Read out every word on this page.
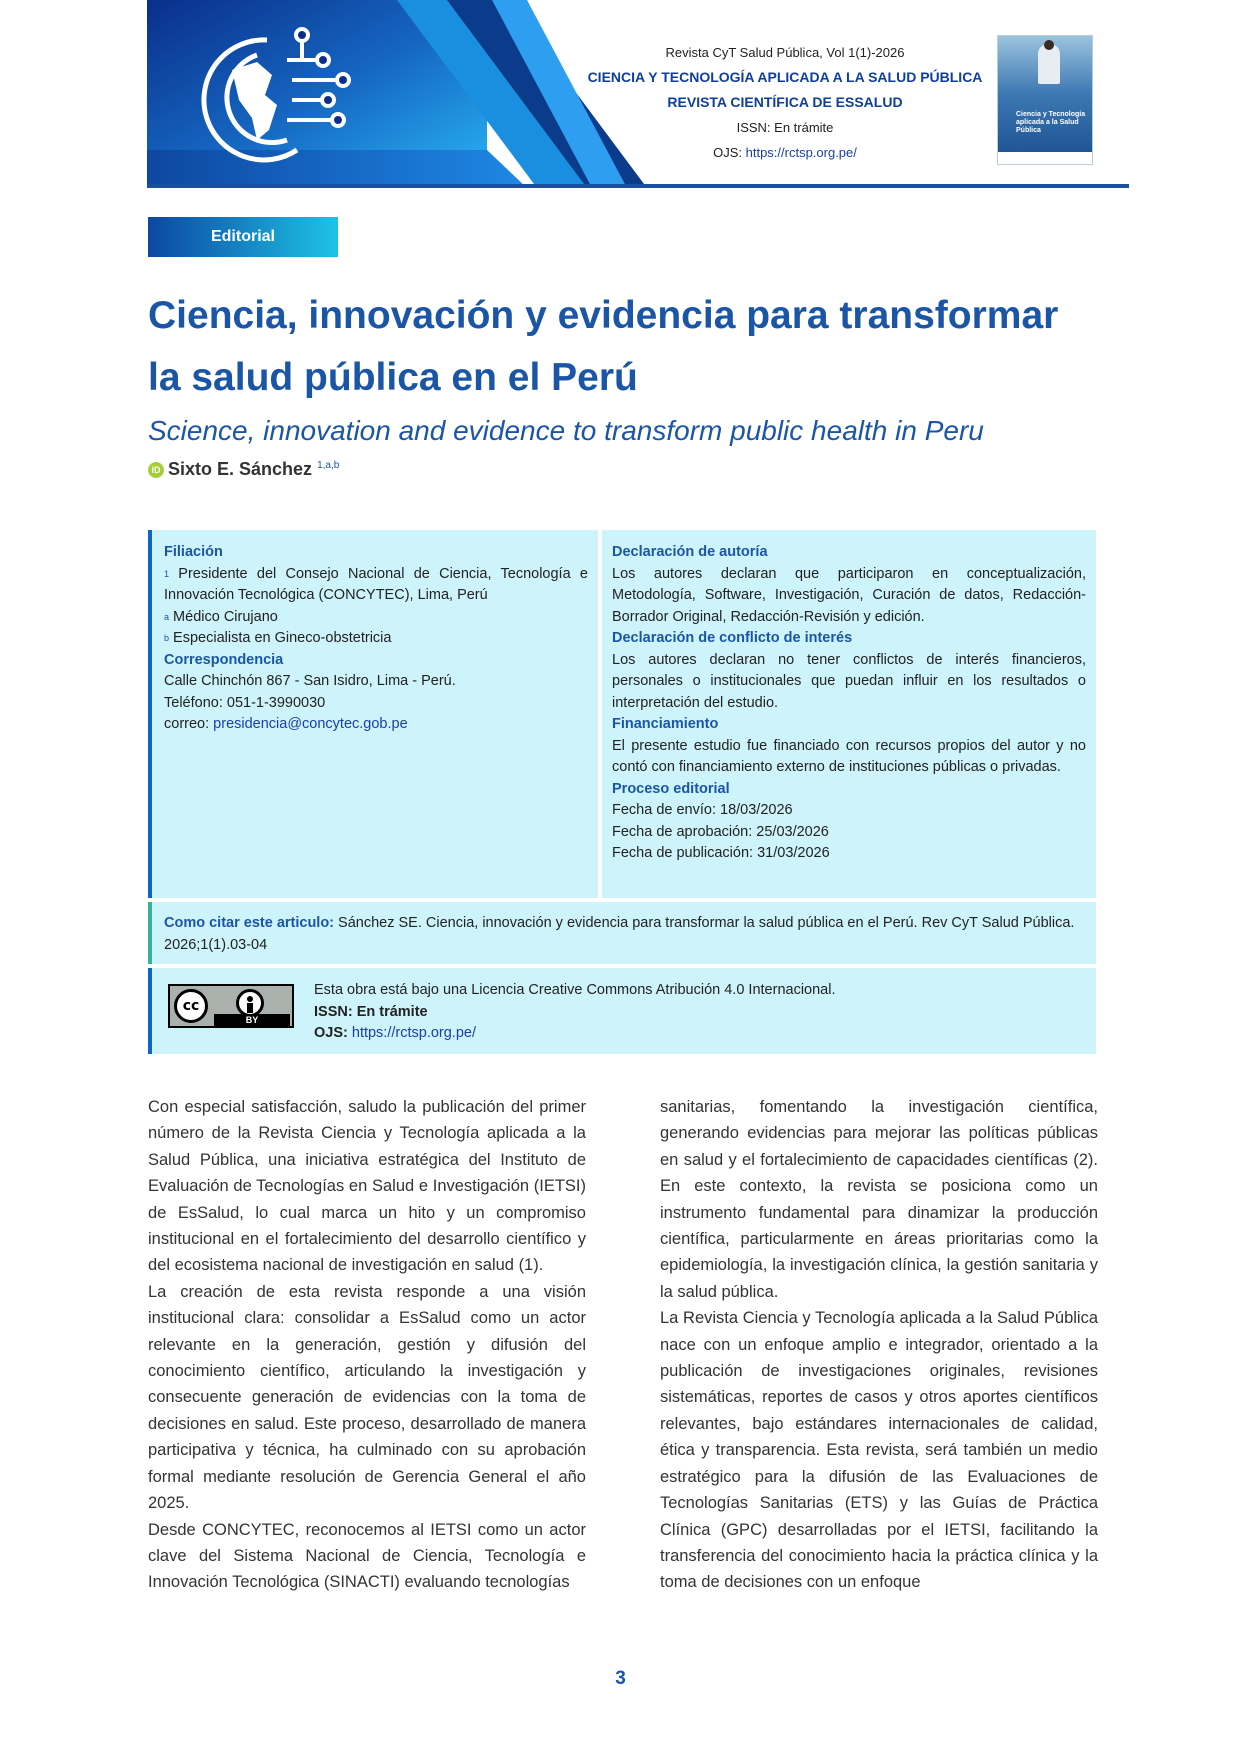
Revista CyT Salud Pública, Vol 1(1)-2026
CIENCIA Y TECNOLOGÍA APLICADA A LA SALUD PÚBLICA
REVISTA CIENTÍFICA DE ESSALUD
ISSN: En trámite
OJS: https://rctsp.org.pe/
Ciencia y Tecnología aplicada a la Salud Pública
Editorial
Ciencia, innovación y evidencia para transformar la salud pública en el Perú

Science, innovation and evidence to transform public health in Peru

iD Sixto E. Sánchez $^{1,a,b}$
Filiación
$^1$ Presidente del Consejo Nacional de Ciencia, Tecnología e Innovación Tecnológica (CONCYTEC), Lima, Perú
$^a$ Médico Cirujano
$^b$ Especialista en Gineco-obstetricia
Correspondencia
Calle Chinchón 867 - San Isidro, Lima - Perú.
Teléfono: 051-1-3990030
correo: presidencia@concytec.gob.pe
Declaración de autoría
Los autores declaran que participaron en conceptualización, Metodología, Software, Investigación, Curación de datos, Redacción-Borrador Original, Redacción-Revisión y edición.
Declaración de conflicto de interés
Los autores declaran no tener conflictos de interés financieros, personales o institucionales que puedan influir en los resultados o interpretación del estudio.
Financiamiento
El presente estudio fue financiado con recursos propios del autor y no contó con financiamiento externo de instituciones públicas o privadas.
Proceso editorial
Fecha de envío: 18/03/2026
Fecha de aprobación: 25/03/2026
Fecha de publicación: 31/03/2026
Como citar este articulo: Sánchez SE. Ciencia, innovación y evidencia para transformar la salud pública en el Perú. Rev CyT Salud Pública. 2026;1(1).03-04
cc
BY
Esta obra está bajo una Licencia Creative Commons Atribución 4.0 Internacional.
ISSN: En trámite
OJS: https://rctsp.org.pe/

Con especial satisfacción, saludo la publicación del primer número de la Revista Ciencia y Tecnología aplicada a la Salud Pública, una iniciativa estratégica del Instituto de Evaluación de Tecnologías en Salud e Investigación (IETSI) de EsSalud, lo cual marca un hito y un compromiso institucional en el fortalecimiento del desarrollo científico y del ecosistema nacional de investigación en salud (1).

La creación de esta revista responde a una visión institucional clara: consolidar a EsSalud como un actor relevante en la generación, gestión y difusión del conocimiento científico, articulando la investigación y consecuente generación de evidencias con la toma de decisiones en salud. Este proceso, desarrollado de manera participativa y técnica, ha culminado con su aprobación formal mediante resolución de Gerencia General el año 2025.

Desde CONCYTEC, reconocemos al IETSI como un actor clave del Sistema Nacional de Ciencia, Tecnología e Innovación Tecnológica (SINACTI) evaluando tecnologías

sanitarias, fomentando la investigación científica, generando evidencias para mejorar las políticas públicas en salud y el fortalecimiento de capacidades científicas (2). En este contexto, la revista se posiciona como un instrumento fundamental para dinamizar la producción científica, particularmente en áreas prioritarias como la epidemiología, la investigación clínica, la gestión sanitaria y la salud pública.

La Revista Ciencia y Tecnología aplicada a la Salud Pública nace con un enfoque amplio e integrador, orientado a la publicación de investigaciones originales, revisiones sistemáticas, reportes de casos y otros aportes científicos relevantes, bajo estándares internacionales de calidad, ética y transparencia. Esta revista, será también un medio estratégico para la difusión de las Evaluaciones de Tecnologías Sanitarias (ETS) y las Guías de Práctica Clínica (GPC) desarrolladas por el IETSI, facilitando la transferencia del conocimiento hacia la práctica clínica y la toma de decisiones con un enfoque

3
